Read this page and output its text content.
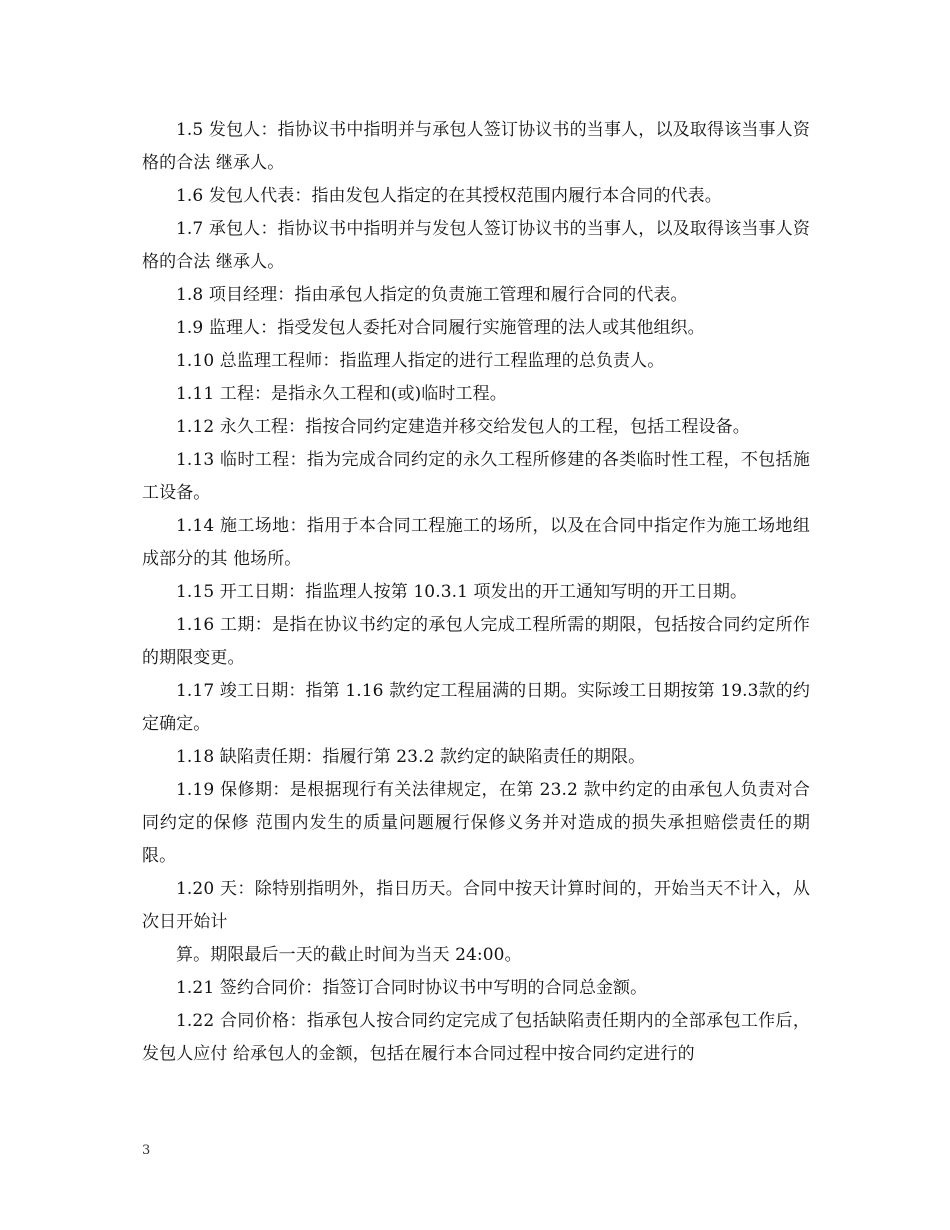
1.5 发包人：指协议书中指明并与承包人签订协议书的当事人，以及取得该当事人资格的合法 继承人。

1.6 发包人代表：指由发包人指定的在其授权范围内履行本合同的代表。

1.7 承包人：指协议书中指明并与发包人签订协议书的当事人，以及取得该当事人资格的合法 继承人。

1.8 项目经理：指由承包人指定的负责施工管理和履行合同的代表。

1.9 监理人：指受发包人委托对合同履行实施管理的法人或其他组织。

1.10 总监理工程师：指监理人指定的进行工程监理的总负责人。

1.11 工程：是指永久工程和(或)临时工程。

1.12 永久工程：指按合同约定建造并移交给发包人的工程，包括工程设备。

1.13 临时工程：指为完成合同约定的永久工程所修建的各类临时性工程，不包括施工设备。

1.14 施工场地：指用于本合同工程施工的场所，以及在合同中指定作为施工场地组成部分的其 他场所。

1.15 开工日期：指监理人按第 10.3.1 项发出的开工通知写明的开工日期。

1.16 工期：是指在协议书约定的承包人完成工程所需的期限，包括按合同约定所作的期限变更。

1.17 竣工日期：指第 1.16 款约定工程届满的日期。实际竣工日期按第 19.3款的约定确定。

1.18 缺陷责任期：指履行第 23.2 款约定的缺陷责任的期限。

1.19 保修期：是根据现行有关法律规定，在第 23.2 款中约定的由承包人负责对合同约定的保修 范围内发生的质量问题履行保修义务并对造成的损失承担赔偿责任的期限。

1.20 天：除特别指明外，指日历天。合同中按天计算时间的，开始当天不计入，从次日开始计

算。期限最后一天的截止时间为当天 24:00。

1.21 签约合同价：指签订合同时协议书中写明的合同总金额。

1.22 合同价格：指承包人按合同约定完成了包括缺陷责任期内的全部承包工作后，发包人应付 给承包人的金额，包括在履行本合同过程中按合同约定进行的

3
